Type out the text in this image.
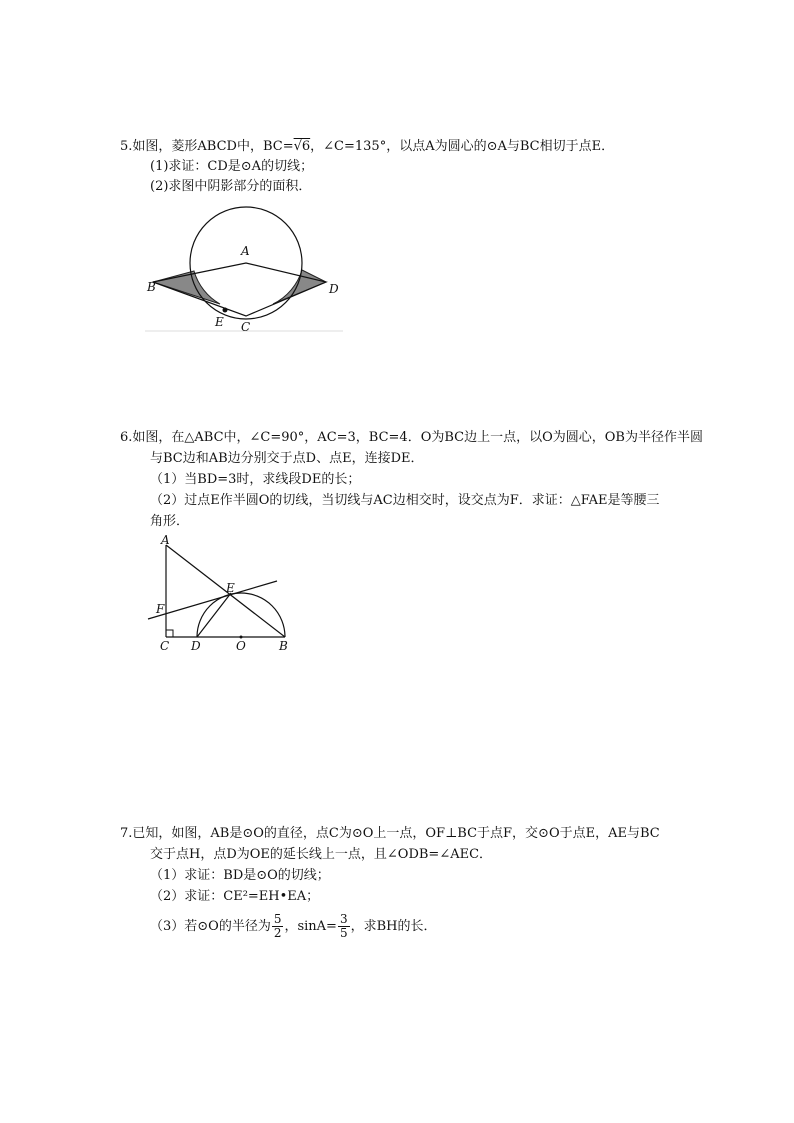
5.如图，菱形ABCD中，BC=√6，∠C=135°，以点A为圆心的⊙A与BC相切于点E．
(1)求证：CD是⊙A的切线；
(2)求图中阴影部分的面积．
A
B	D
E C
6.如图，在△ABC中，∠C=90°，AC=3，BC=4．O为BC边上一点，以O为圆心，OB为半径作半圆
与BC边和AB边分别交于点D、点E，连接DE．
（1）当BD=3时，求线段DE的长；
（2）过点E作半圆O的切线，当切线与AC边相交时，设交点为F．求证：△FAE是等腰三
角形．
A
E
F
C D	O	B
7.已知，如图，AB是⊙O的直径，点C为⊙O上一点，OF⊥BC于点F，交⊙O于点E，AE与BC
交于点H，点D为OE的延长线上一点，且∠ODB=∠AEC．
（1）求证：BD是⊙O的切线；
（2）求证：CE²=EH•EA；
（3）若⊙O的半径为 $\frac{5}{2}$ ，$\sin A= \frac{3}{5}$ ，求BH的长．
